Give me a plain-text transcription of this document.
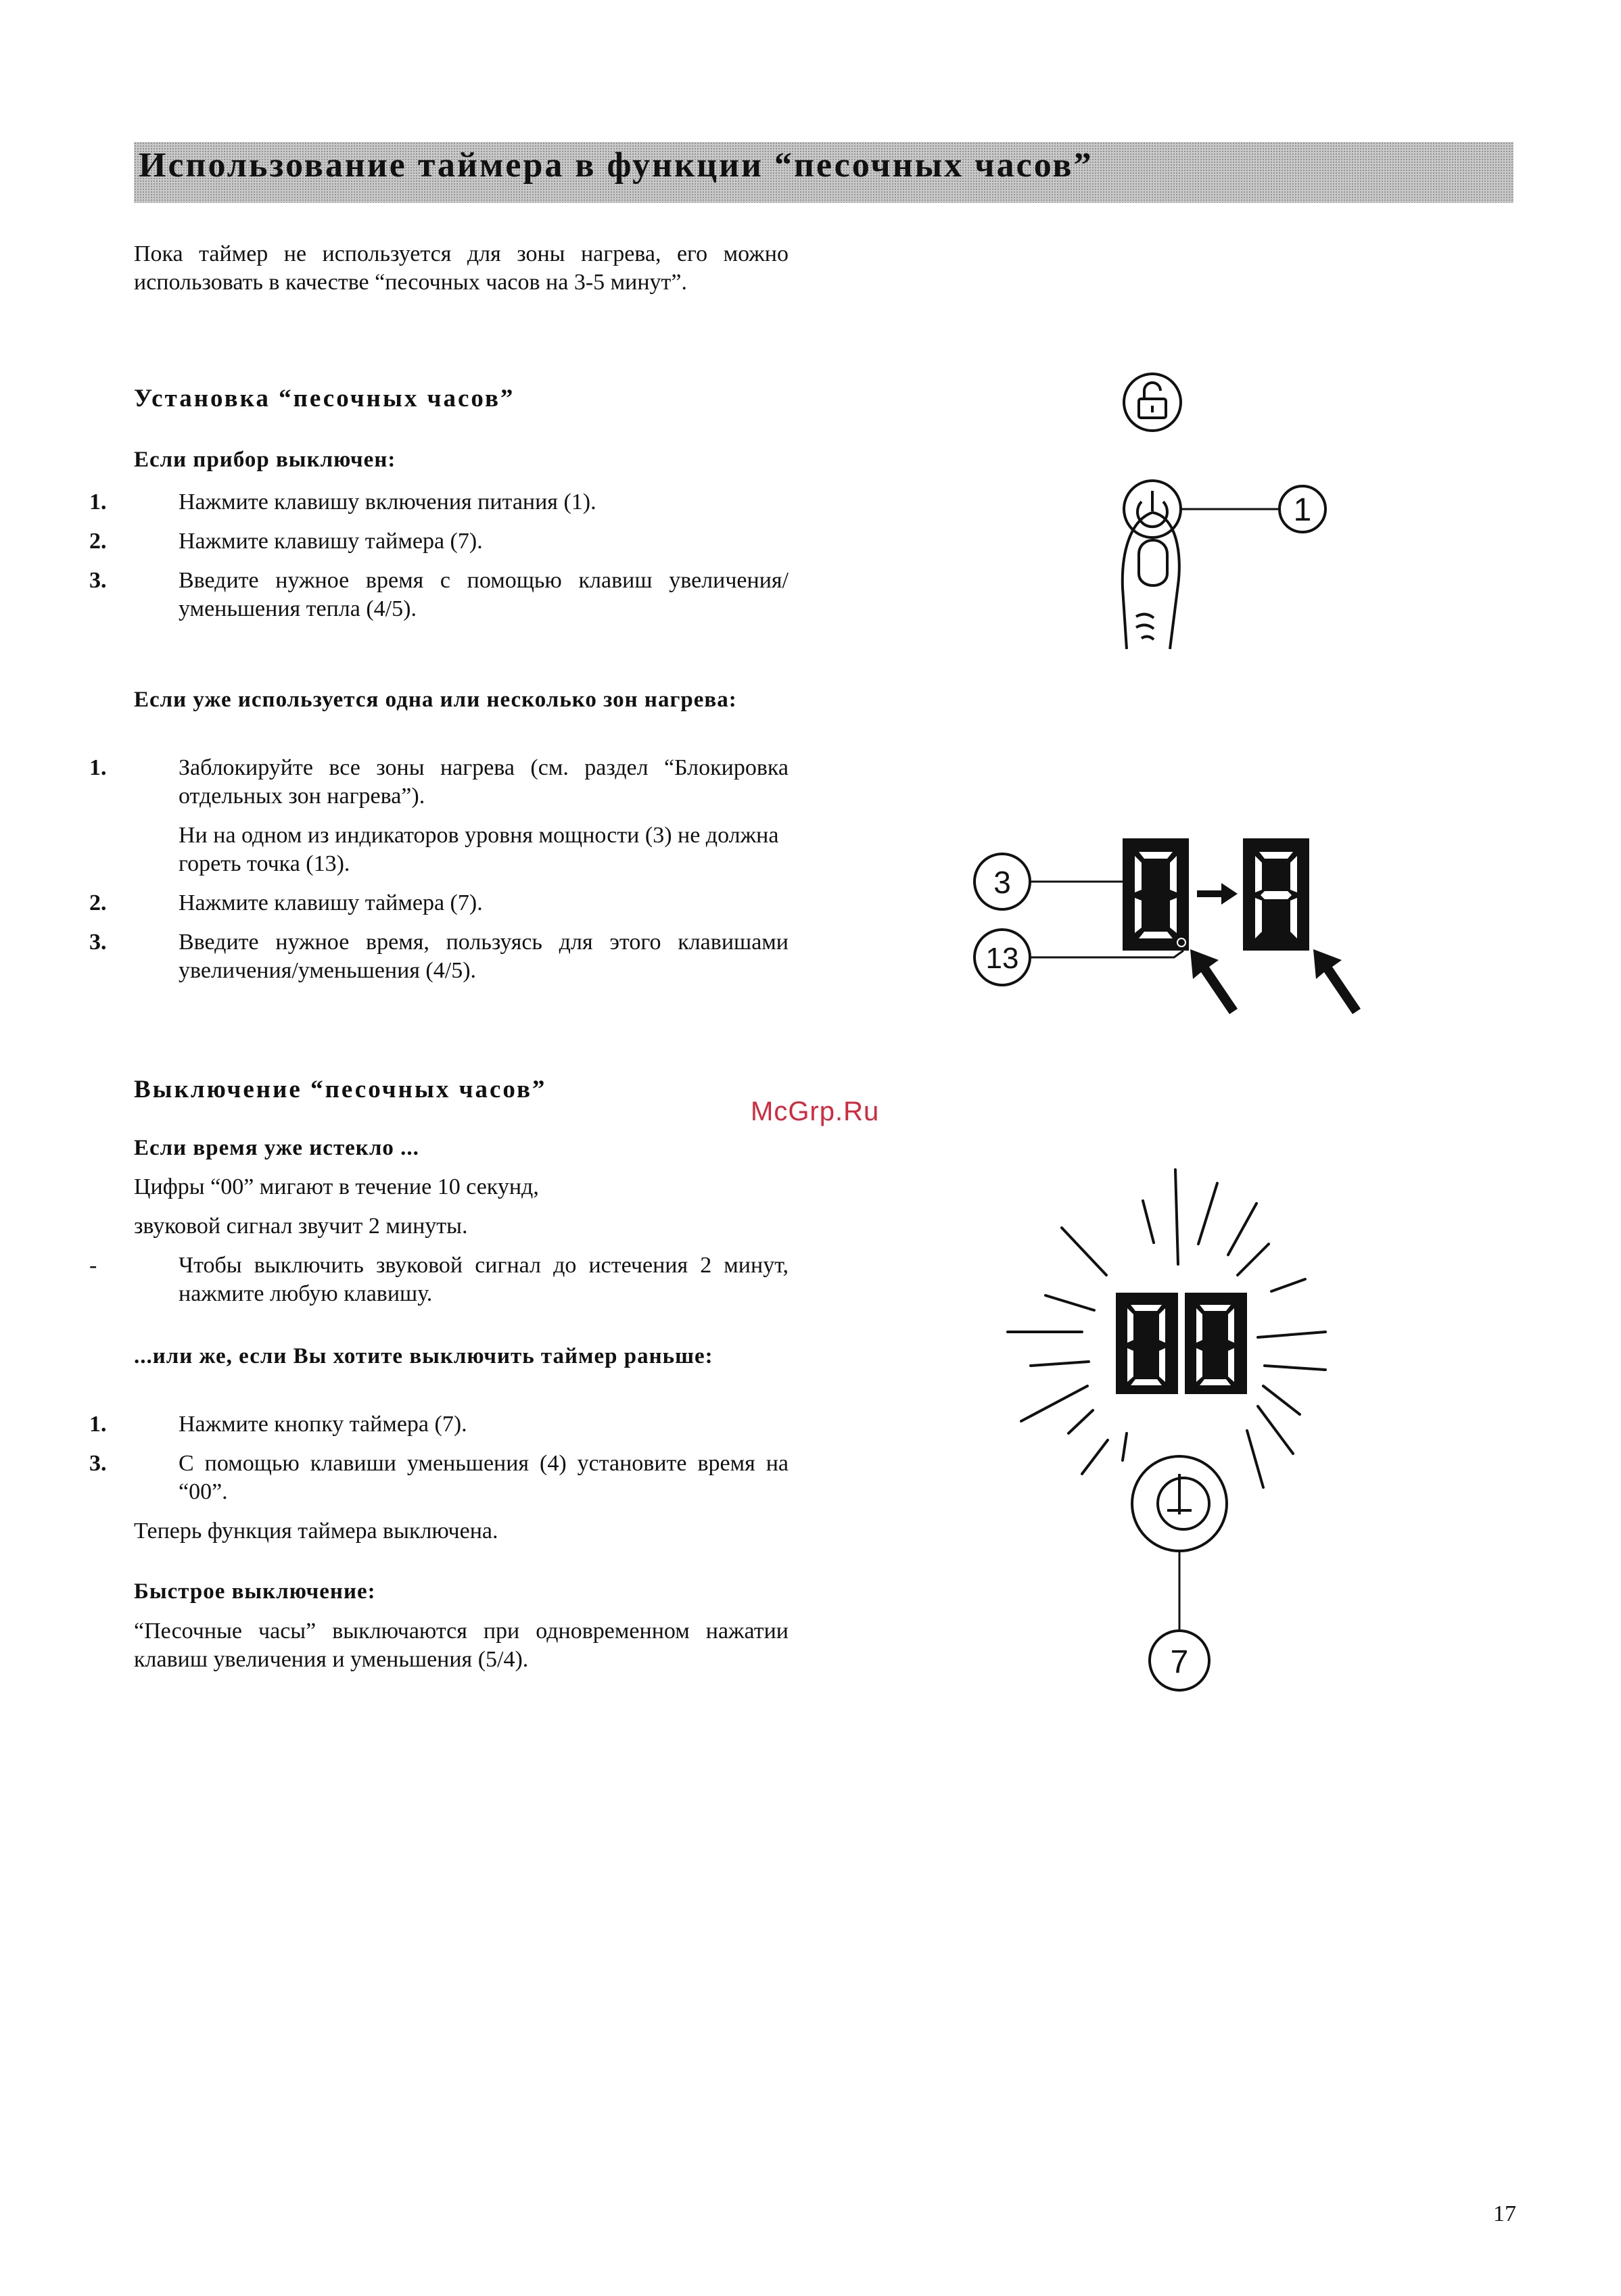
Использование таймера в функции “песочных часов”
Пока таймер не используется для зоны нагрева, его можно использовать в качестве “песочных часов на 3-5 минут”.
Установка “песочных часов”
Если прибор выключен:
1.	Нажмите клавишу включения питания (1).
2.	Нажмите клавишу таймера (7).
3.	Введите нужное время с помощью клавиш увеличения/уменьшения тепла (4/5).
Если уже используется одна или несколько зон нагрева:
1.	Заблокируйте все зоны нагрева (см. раздел “Блокировка отдельных зон нагрева”).
Ни на одном из индикаторов уровня мощности (3) не должна гореть точка (13).
2.	Нажмите клавишу таймера (7).
3.	Введите нужное время, пользуясь для этого клавишами увеличения/уменьшения (4/5).
Выключение “песочных часов”
Если время уже истекло ...
Цифры “00” мигают в течение 10 секунд,
звуковой сигнал звучит 2 минуты.
-	Чтобы выключить звуковой сигнал до истечения 2 минут, нажмите любую клавишу.
...или же, если Вы хотите выключить таймер раньше:
1.	Нажмите кнопку таймера (7).
3.	С помощью клавиши уменьшения (4) установите время на “00”.
Теперь функция таймера выключена.
Быстрое выключение:
“Песочные часы” выключаются при одновременном нажатии клавиш увеличения и уменьшения (5/4).
McGrp.Ru
1
3
13
7
17
